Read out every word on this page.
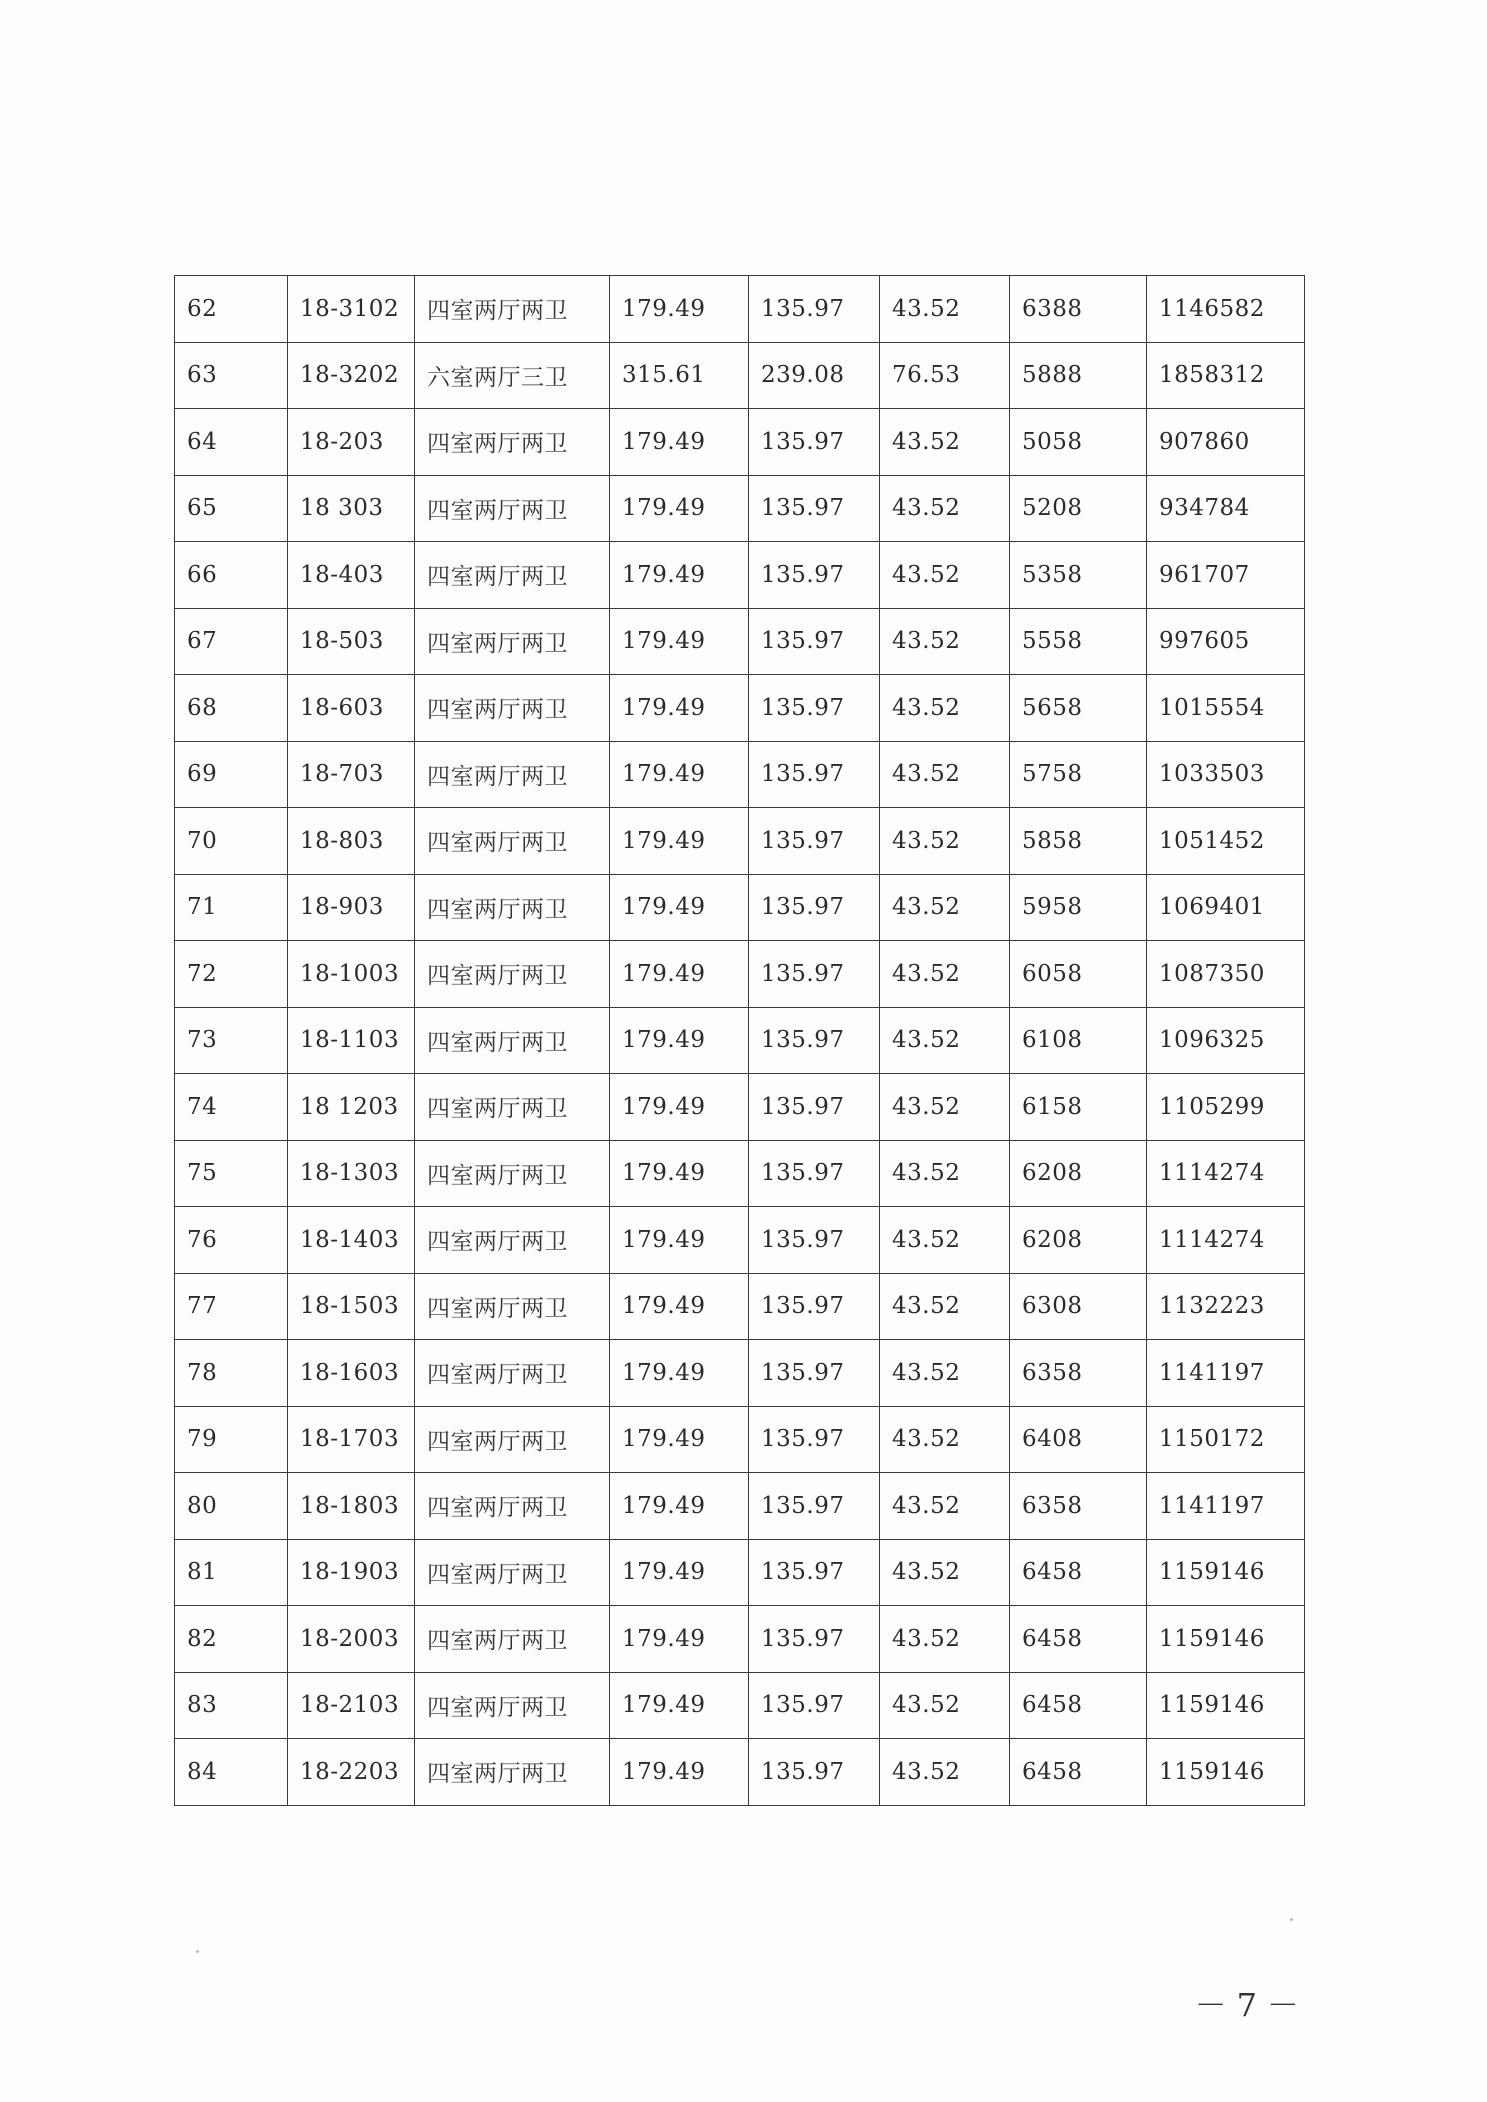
62	18-3102	四室两厅两卫	179.49	135.97	43.52	6388	1146582
63	18-3202	六室两厅三卫	315.61	239.08	76.53	5888	1858312
64	18-203	四室两厅两卫	179.49	135.97	43.52	5058	907860
65	18 303	四室两厅两卫	179.49	135.97	43.52	5208	934784
66	18-403	四室两厅两卫	179.49	135.97	43.52	5358	961707
67	18-503	四室两厅两卫	179.49	135.97	43.52	5558	997605
68	18-603	四室两厅两卫	179.49	135.97	43.52	5658	1015554
69	18-703	四室两厅两卫	179.49	135.97	43.52	5758	1033503
70	18-803	四室两厅两卫	179.49	135.97	43.52	5858	1051452
71	18-903	四室两厅两卫	179.49	135.97	43.52	5958	1069401
72	18-1003	四室两厅两卫	179.49	135.97	43.52	6058	1087350
73	18-1103	四室两厅两卫	179.49	135.97	43.52	6108	1096325
74	18 1203	四室两厅两卫	179.49	135.97	43.52	6158	1105299
75	18-1303	四室两厅两卫	179.49	135.97	43.52	6208	1114274
76	18-1403	四室两厅两卫	179.49	135.97	43.52	6208	1114274
77	18-1503	四室两厅两卫	179.49	135.97	43.52	6308	1132223
78	18-1603	四室两厅两卫	179.49	135.97	43.52	6358	1141197
79	18-1703	四室两厅两卫	179.49	135.97	43.52	6408	1150172
80	18-1803	四室两厅两卫	179.49	135.97	43.52	6358	1141197
81	18-1903	四室两厅两卫	179.49	135.97	43.52	6458	1159146
82	18-2003	四室两厅两卫	179.49	135.97	43.52	6458	1159146
83	18-2103	四室两厅两卫	179.49	135.97	43.52	6458	1159146
84	18-2203	四室两厅两卫	179.49	135.97	43.52	6458	1159146
－7－
